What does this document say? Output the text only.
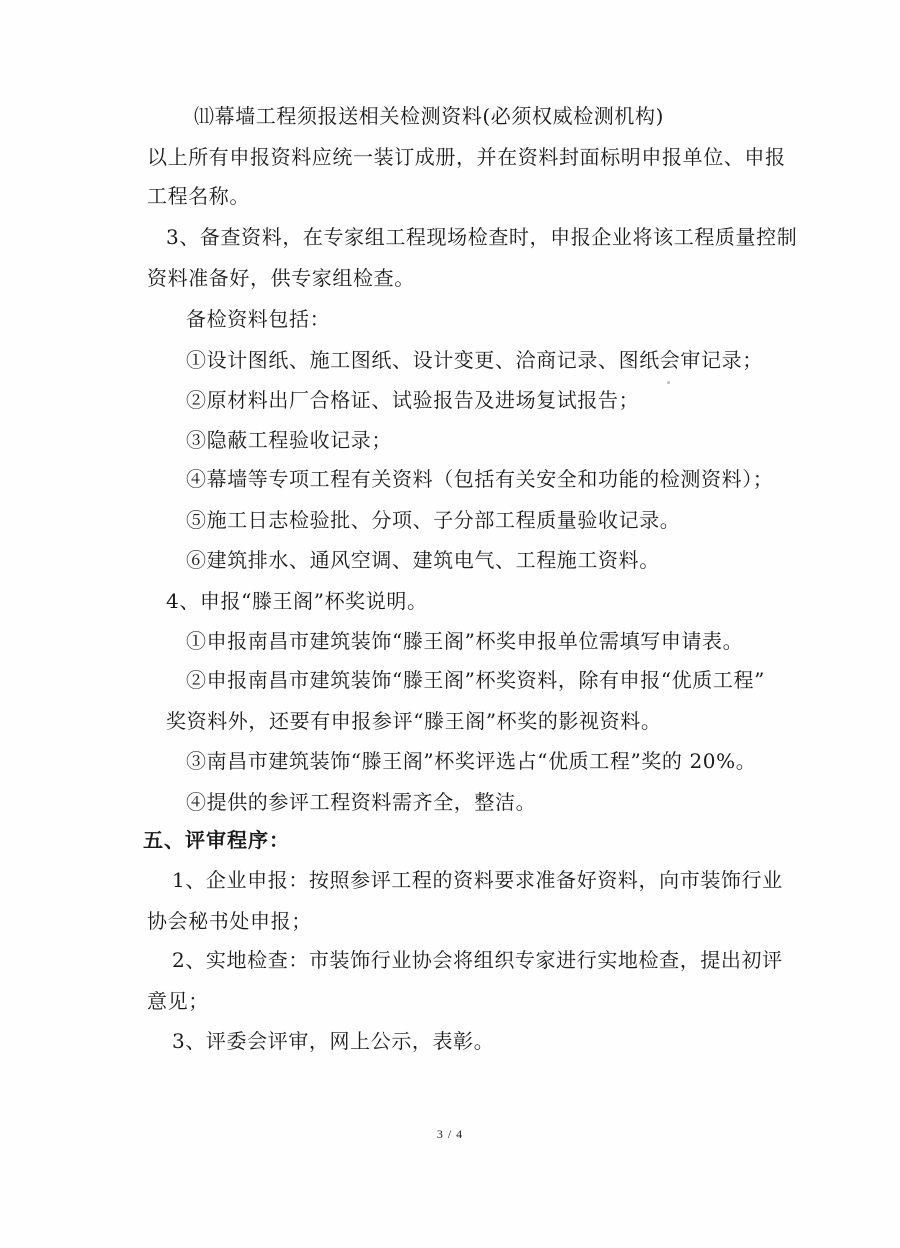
⑾幕墙工程须报送相关检测资料(必须权威检测机构)
以上所有申报资料应统一装订成册，并在资料封面标明申报单位、申报
工程名称。
3、备查资料，在专家组工程现场检查时，申报企业将该工程质量控制
资料准备好，供专家组检查。
备检资料包括：
①设计图纸、施工图纸、设计变更、洽商记录、图纸会审记录；
②原材料出厂合格证、试验报告及进场复试报告；
③隐蔽工程验收记录；
④幕墙等专项工程有关资料（包括有关安全和功能的检测资料）；
⑤施工日志检验批、分项、子分部工程质量验收记录。
⑥建筑排水、通风空调、建筑电气、工程施工资料。
4、申报“滕王阁”杯奖说明。
①申报南昌市建筑装饰“滕王阁”杯奖申报单位需填写申请表。
②申报南昌市建筑装饰“滕王阁”杯奖资料，除有申报“优质工程”
奖资料外，还要有申报参评“滕王阁”杯奖的影视资料。
③南昌市建筑装饰“滕王阁”杯奖评选占“优质工程”奖的 20%。
④提供的参评工程资料需齐全，整洁。
五、评审程序：
1、企业申报：按照参评工程的资料要求准备好资料，向市装饰行业
协会秘书处申报；
2、实地检查：市装饰行业协会将组织专家进行实地检查，提出初评
意见；
3、评委会评审，网上公示，表彰。
3 / 4
